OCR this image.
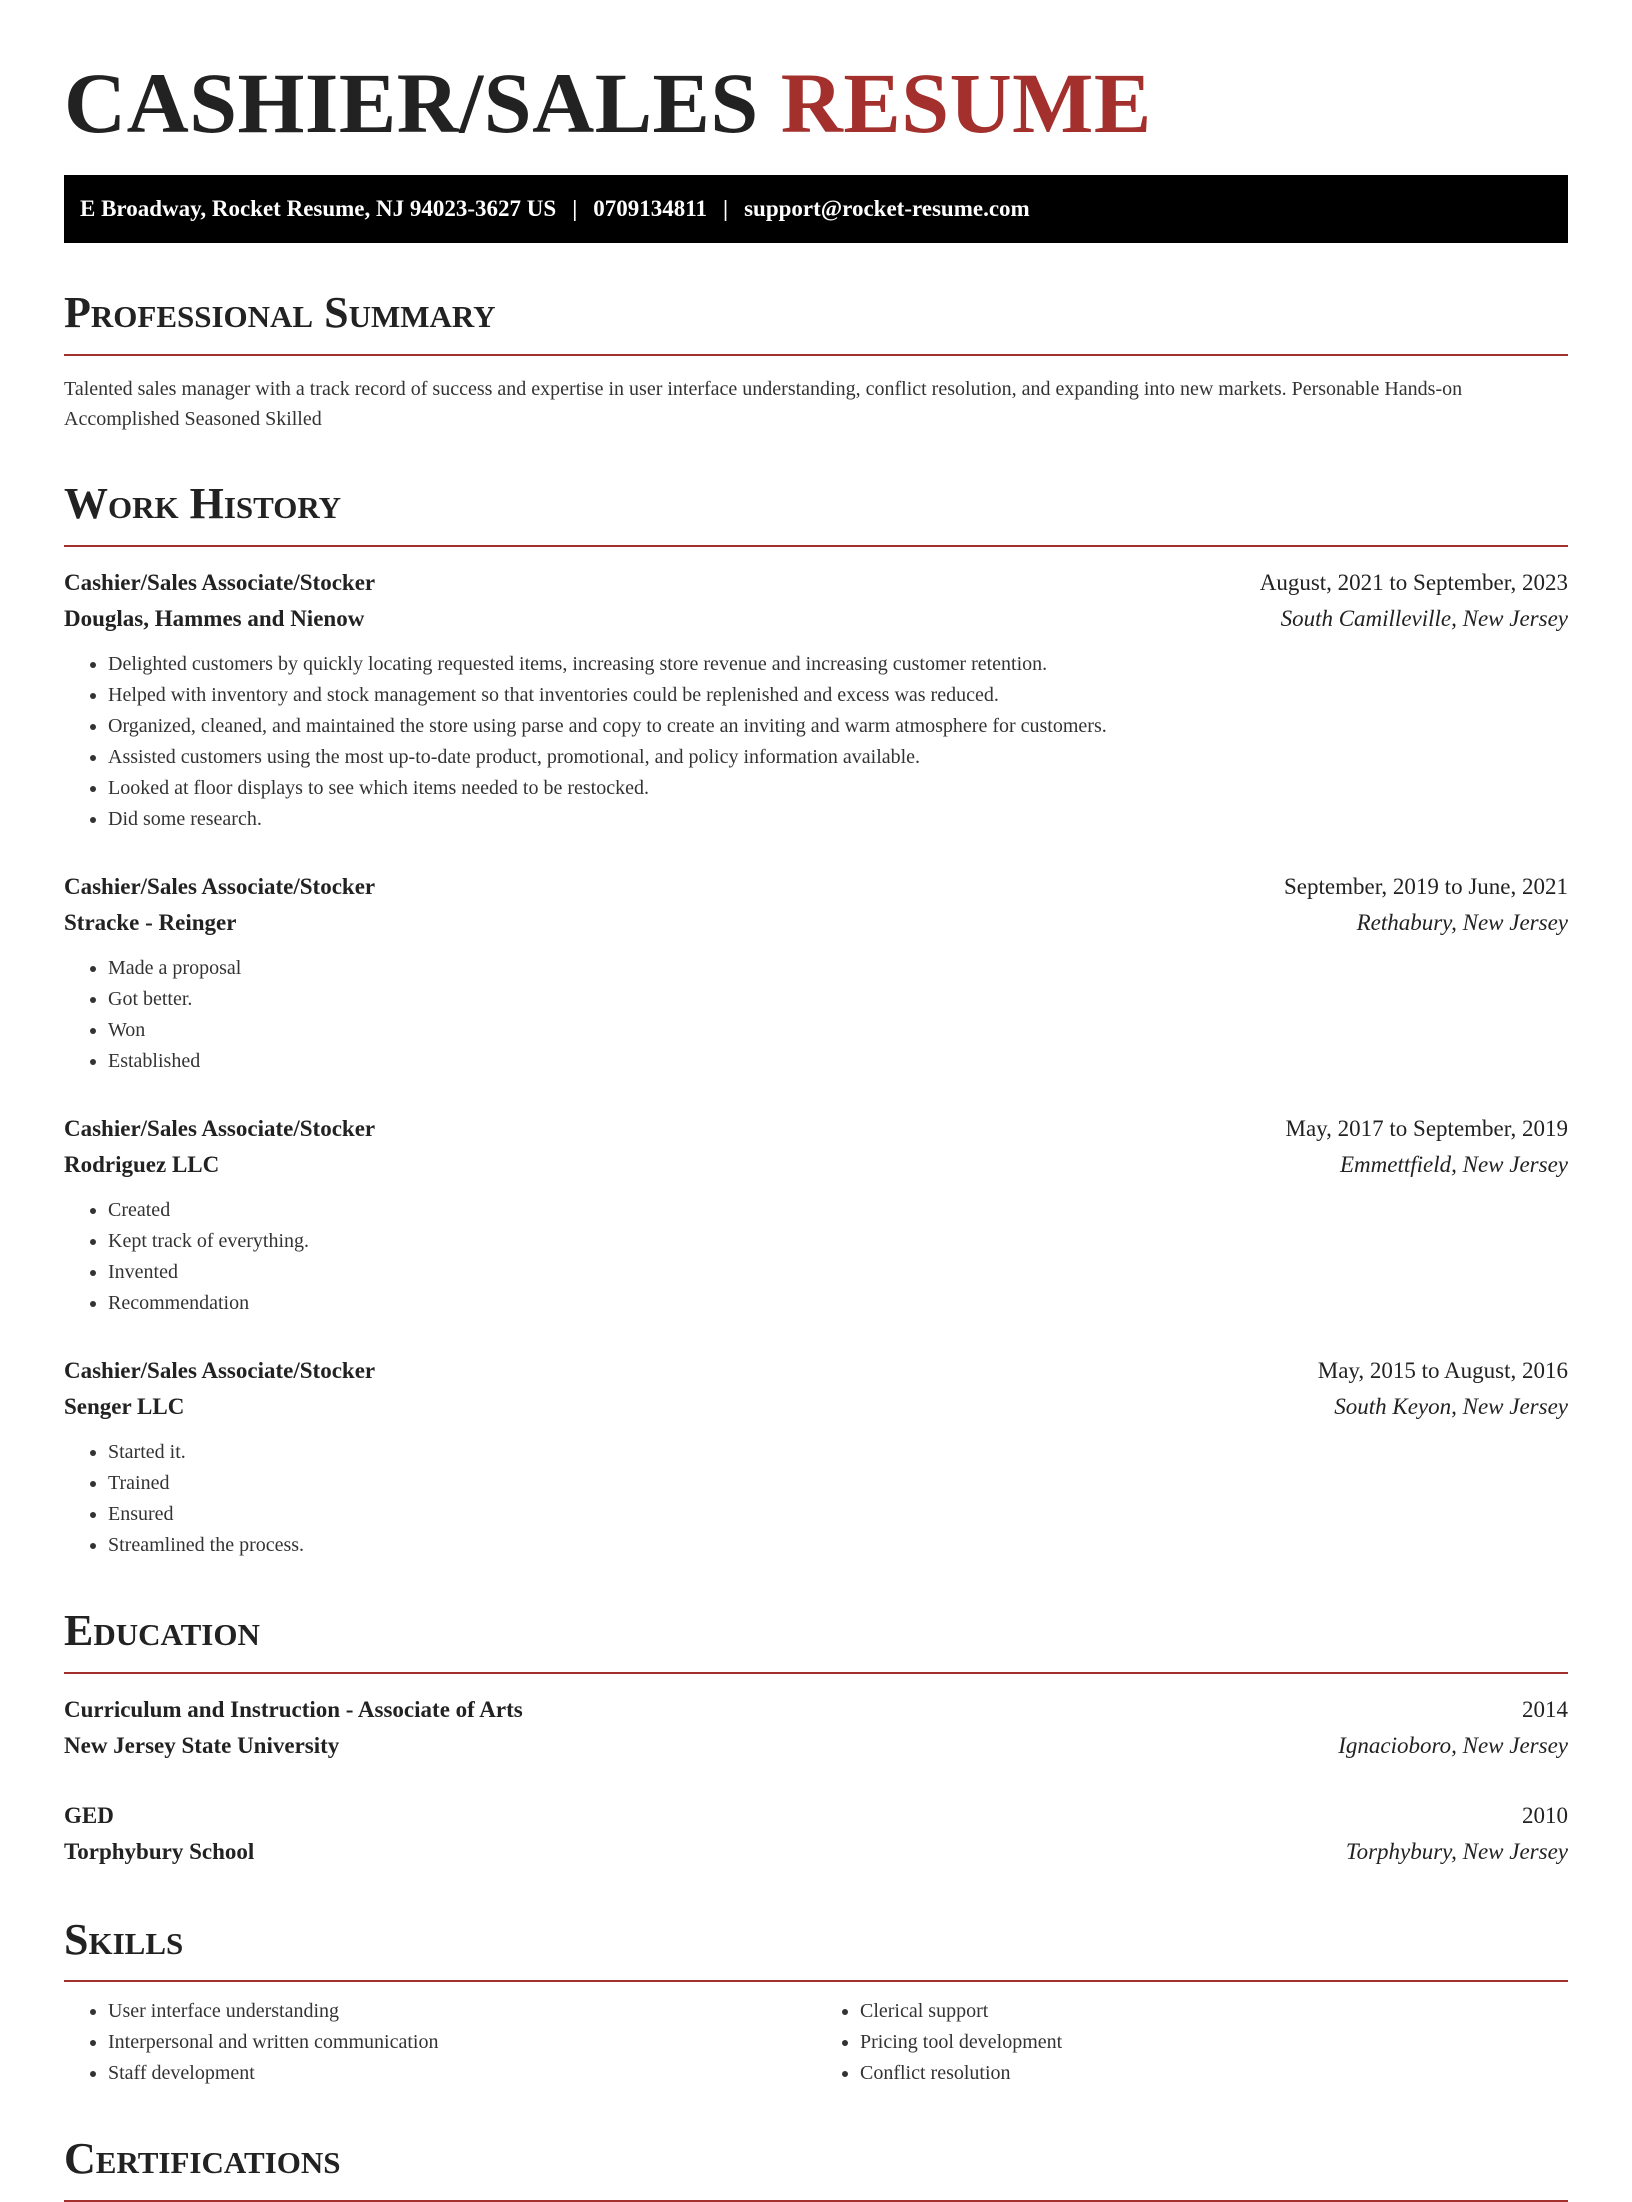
CASHIER/SALES RESUME
E Broadway, Rocket Resume, NJ 94023-3627 US | 0709134811 | support@rocket-resume.com
Professional Summary

Talented sales manager with a track record of success and expertise in user interface understanding, conflict resolution, and expanding into new markets. Personable Hands-on Accomplished Seasoned Skilled

Work History
Cashier/Sales Associate/Stocker	August, 2021 to September, 2023
Douglas, Hammes and Nienow	South Camilleville, New Jersey
• Delighted customers by quickly locating requested items, increasing store revenue and increasing customer retention.
• Helped with inventory and stock management so that inventories could be replenished and excess was reduced.
• Organized, cleaned, and maintained the store using parse and copy to create an inviting and warm atmosphere for customers.
• Assisted customers using the most up-to-date product, promotional, and policy information available.
• Looked at floor displays to see which items needed to be restocked.
• Did some research.
Cashier/Sales Associate/Stocker	September, 2019 to June, 2021
Stracke - Reinger	Rethabury, New Jersey
• Made a proposal
• Got better.
• Won
• Established
Cashier/Sales Associate/Stocker	May, 2017 to September, 2019
Rodriguez LLC	Emmettfield, New Jersey
• Created
• Kept track of everything.
• Invented
• Recommendation
Cashier/Sales Associate/Stocker	May, 2015 to August, 2016
Senger LLC	South Keyon, New Jersey
• Started it.
• Trained
• Ensured
• Streamlined the process.
Education
Curriculum and Instruction - Associate of Arts	2014
New Jersey State University	Ignacioboro, New Jersey
GED	2010
Torphybury School	Torphybury, New Jersey
Skills
• User interface understanding
• Interpersonal and written communication
• Staff development
• Clerical support
• Pricing tool development
• Conflict resolution
Certifications
